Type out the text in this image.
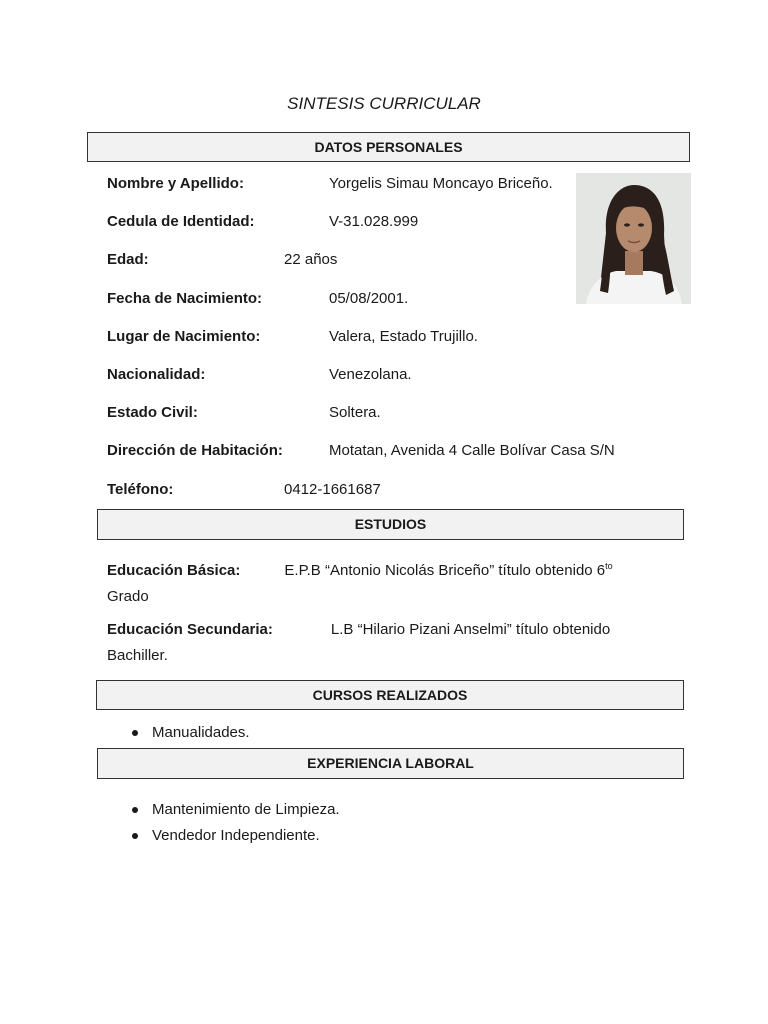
SINTESIS CURRICULAR
DATOS PERSONALES
Nombre y Apellido:	Yorgelis Simau Moncayo Briceño.
Cedula de Identidad:	V-31.028.999
Edad:	22 años
Fecha de Nacimiento:	05/08/2001.
Lugar de Nacimiento:	Valera, Estado Trujillo.
Nacionalidad:	Venezolana.
Estado Civil:	Soltera.
Dirección de Habitación:	Motatan, Avenida 4 Calle Bolívar Casa S/N
Teléfono:	0412-1661687
ESTUDIOS
Educación Básica:	E.P.B “Antonio Nicolás Briceño” título obtenido $6^{to}$
Grado
Educación Secundaria:	L.B “Hilario Pizani Anselmi” título obtenido
Bachiller.
CURSOS REALIZADOS
Manualidades.
EXPERIENCIA LABORAL
Mantenimiento de Limpieza.
Vendedor Independiente.
